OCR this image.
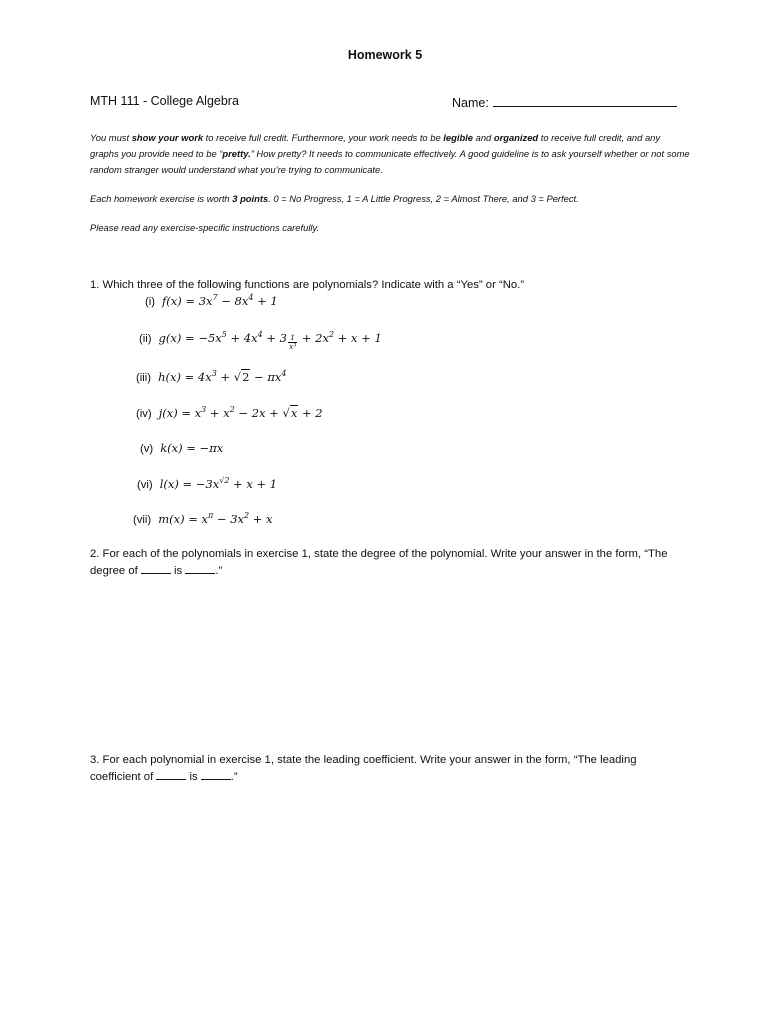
Homework 5
MTH 111 - College Algebra	Name:

You must show your work to receive full credit. Furthermore, your work needs to be legible and organized to receive full credit, and any graphs you provide need to be “pretty.” How pretty? It needs to communicate effectively. A good guideline is to ask yourself whether or not some random stranger would understand what you’re trying to communicate.

Each homework exercise is worth 3 points. 0 = No Progress, 1 = A Little Progress, 2 = Almost There, and 3 = Perfect.

Please read any exercise-specific instructions carefully.

1. Which three of the following functions are polynomials? Indicate with a “Yes” or “No.”
(i) $f(x) = 3x^7 - 8x^4 + 1$
(ii) $g(x) = -5x^5 + 4x^4 + 3 \frac{1}{\text{x³}} + 2x^2 + x + 1$
(iii) $h(x) = 4x^3 + √2 - \pi x^4$
(iv) $j(x) = x^3 + x^2 - 2x + √x + 2$
(v) k(x) = −πx
(vi) $l(x) = -3x^{√2} + x + 1$
(vii) $m(x) = x^\pi - 3x^2 + x$
2. For each of the polynomials in exercise 1, state the degree of the polynomial. Write your answer in the form, “The degree of	is	.”
3. For each polynomial in exercise 1, state the leading coefficient. Write your answer in the form, “The leading coefficient of	is	.”
